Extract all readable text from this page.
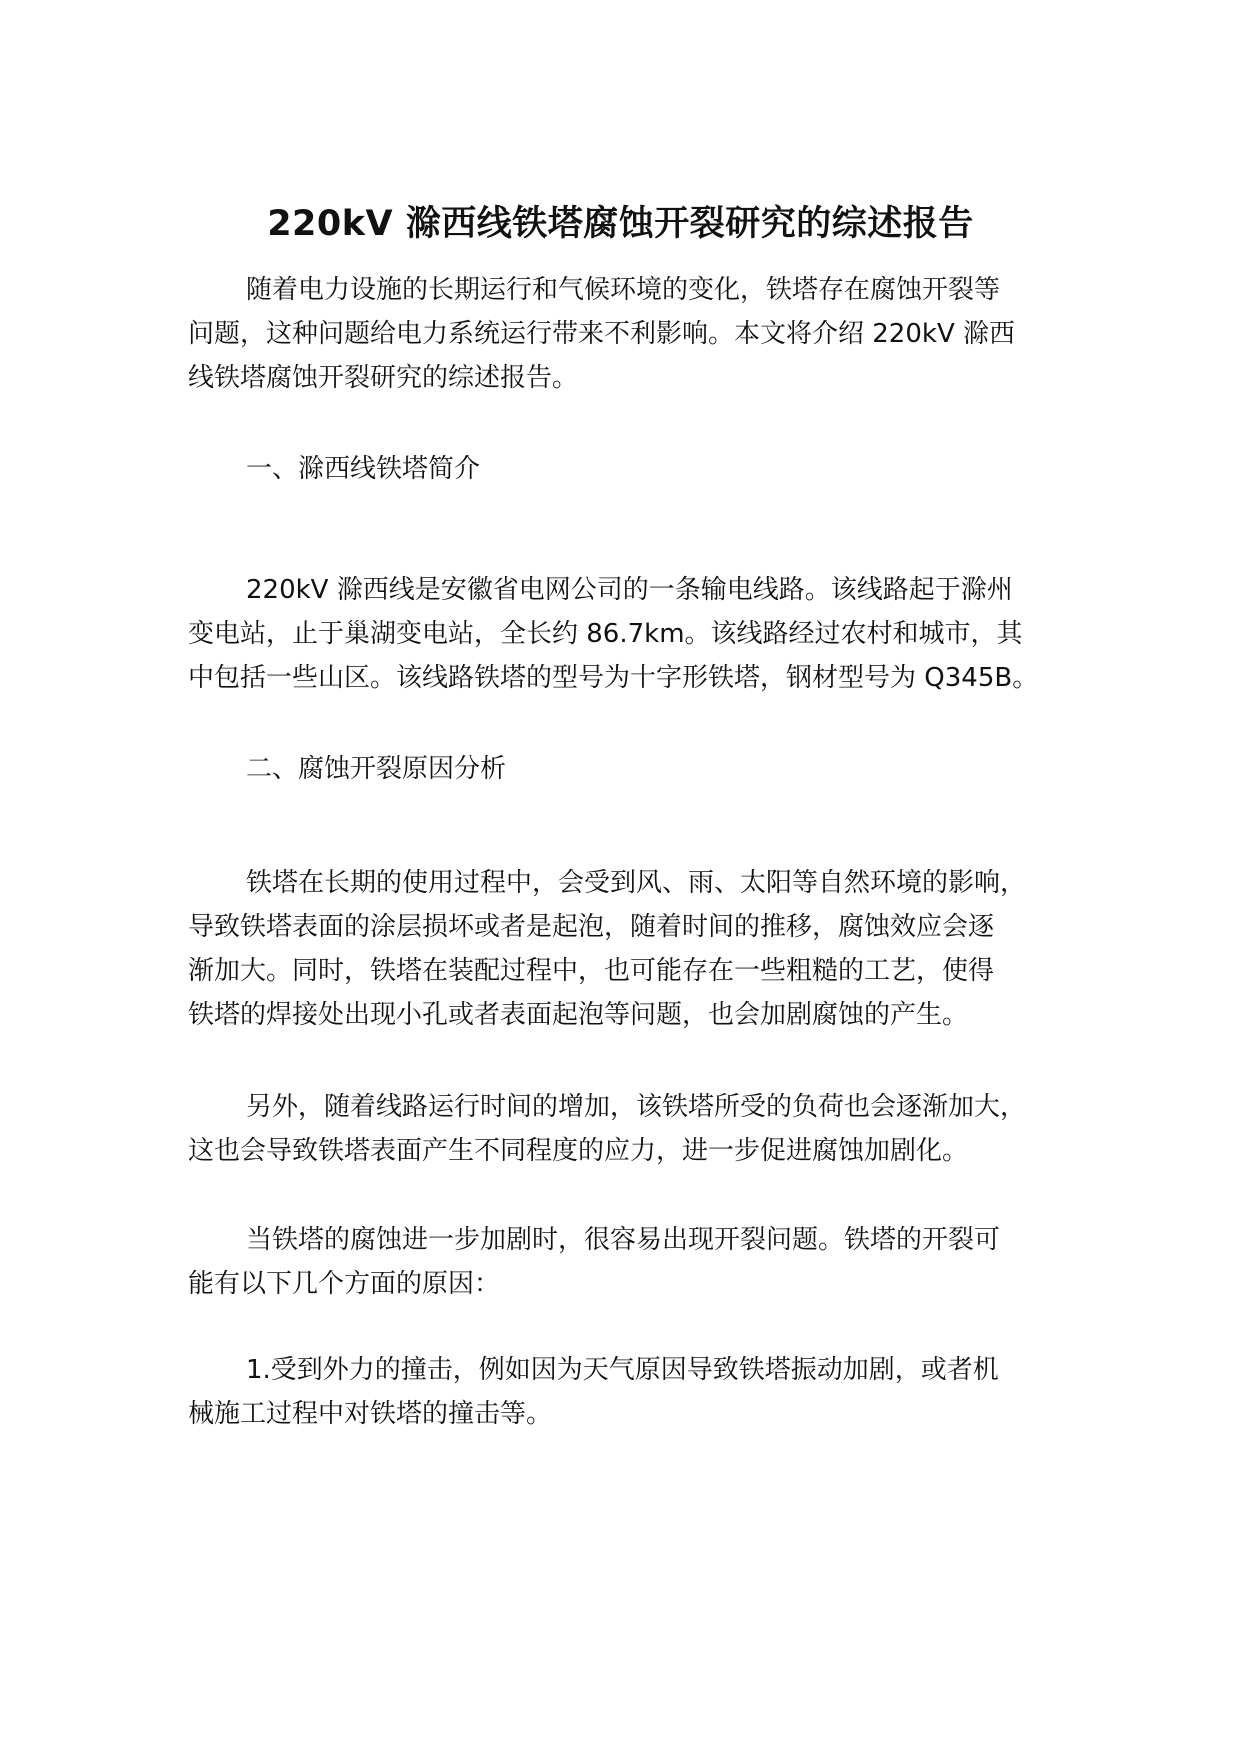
220kV 滁西线铁塔腐蚀开裂研究的综述报告

随着电力设施的长期运行和气候环境的变化，铁塔存在腐蚀开裂等
问题，这种问题给电力系统运行带来不利影响。本文将介绍 220kV 滁西
线铁塔腐蚀开裂研究的综述报告。

一、滁西线铁塔简介

220kV 滁西线是安徽省电网公司的一条输电线路。该线路起于滁州
变电站，止于巢湖变电站，全长约 86.7km。该线路经过农村和城市，其
中包括一些山区。该线路铁塔的型号为十字形铁塔，钢材型号为 Q345B。

二、腐蚀开裂原因分析

铁塔在长期的使用过程中，会受到风、雨、太阳等自然环境的影响，
导致铁塔表面的涂层损坏或者是起泡，随着时间的推移，腐蚀效应会逐
渐加大。同时，铁塔在装配过程中，也可能存在一些粗糙的工艺，使得
铁塔的焊接处出现小孔或者表面起泡等问题，也会加剧腐蚀的产生。

另外，随着线路运行时间的增加，该铁塔所受的负荷也会逐渐加大，
这也会导致铁塔表面产生不同程度的应力，进一步促进腐蚀加剧化。

当铁塔的腐蚀进一步加剧时，很容易出现开裂问题。铁塔的开裂可
能有以下几个方面的原因：

1.受到外力的撞击，例如因为天气原因导致铁塔振动加剧，或者机
械施工过程中对铁塔的撞击等。
